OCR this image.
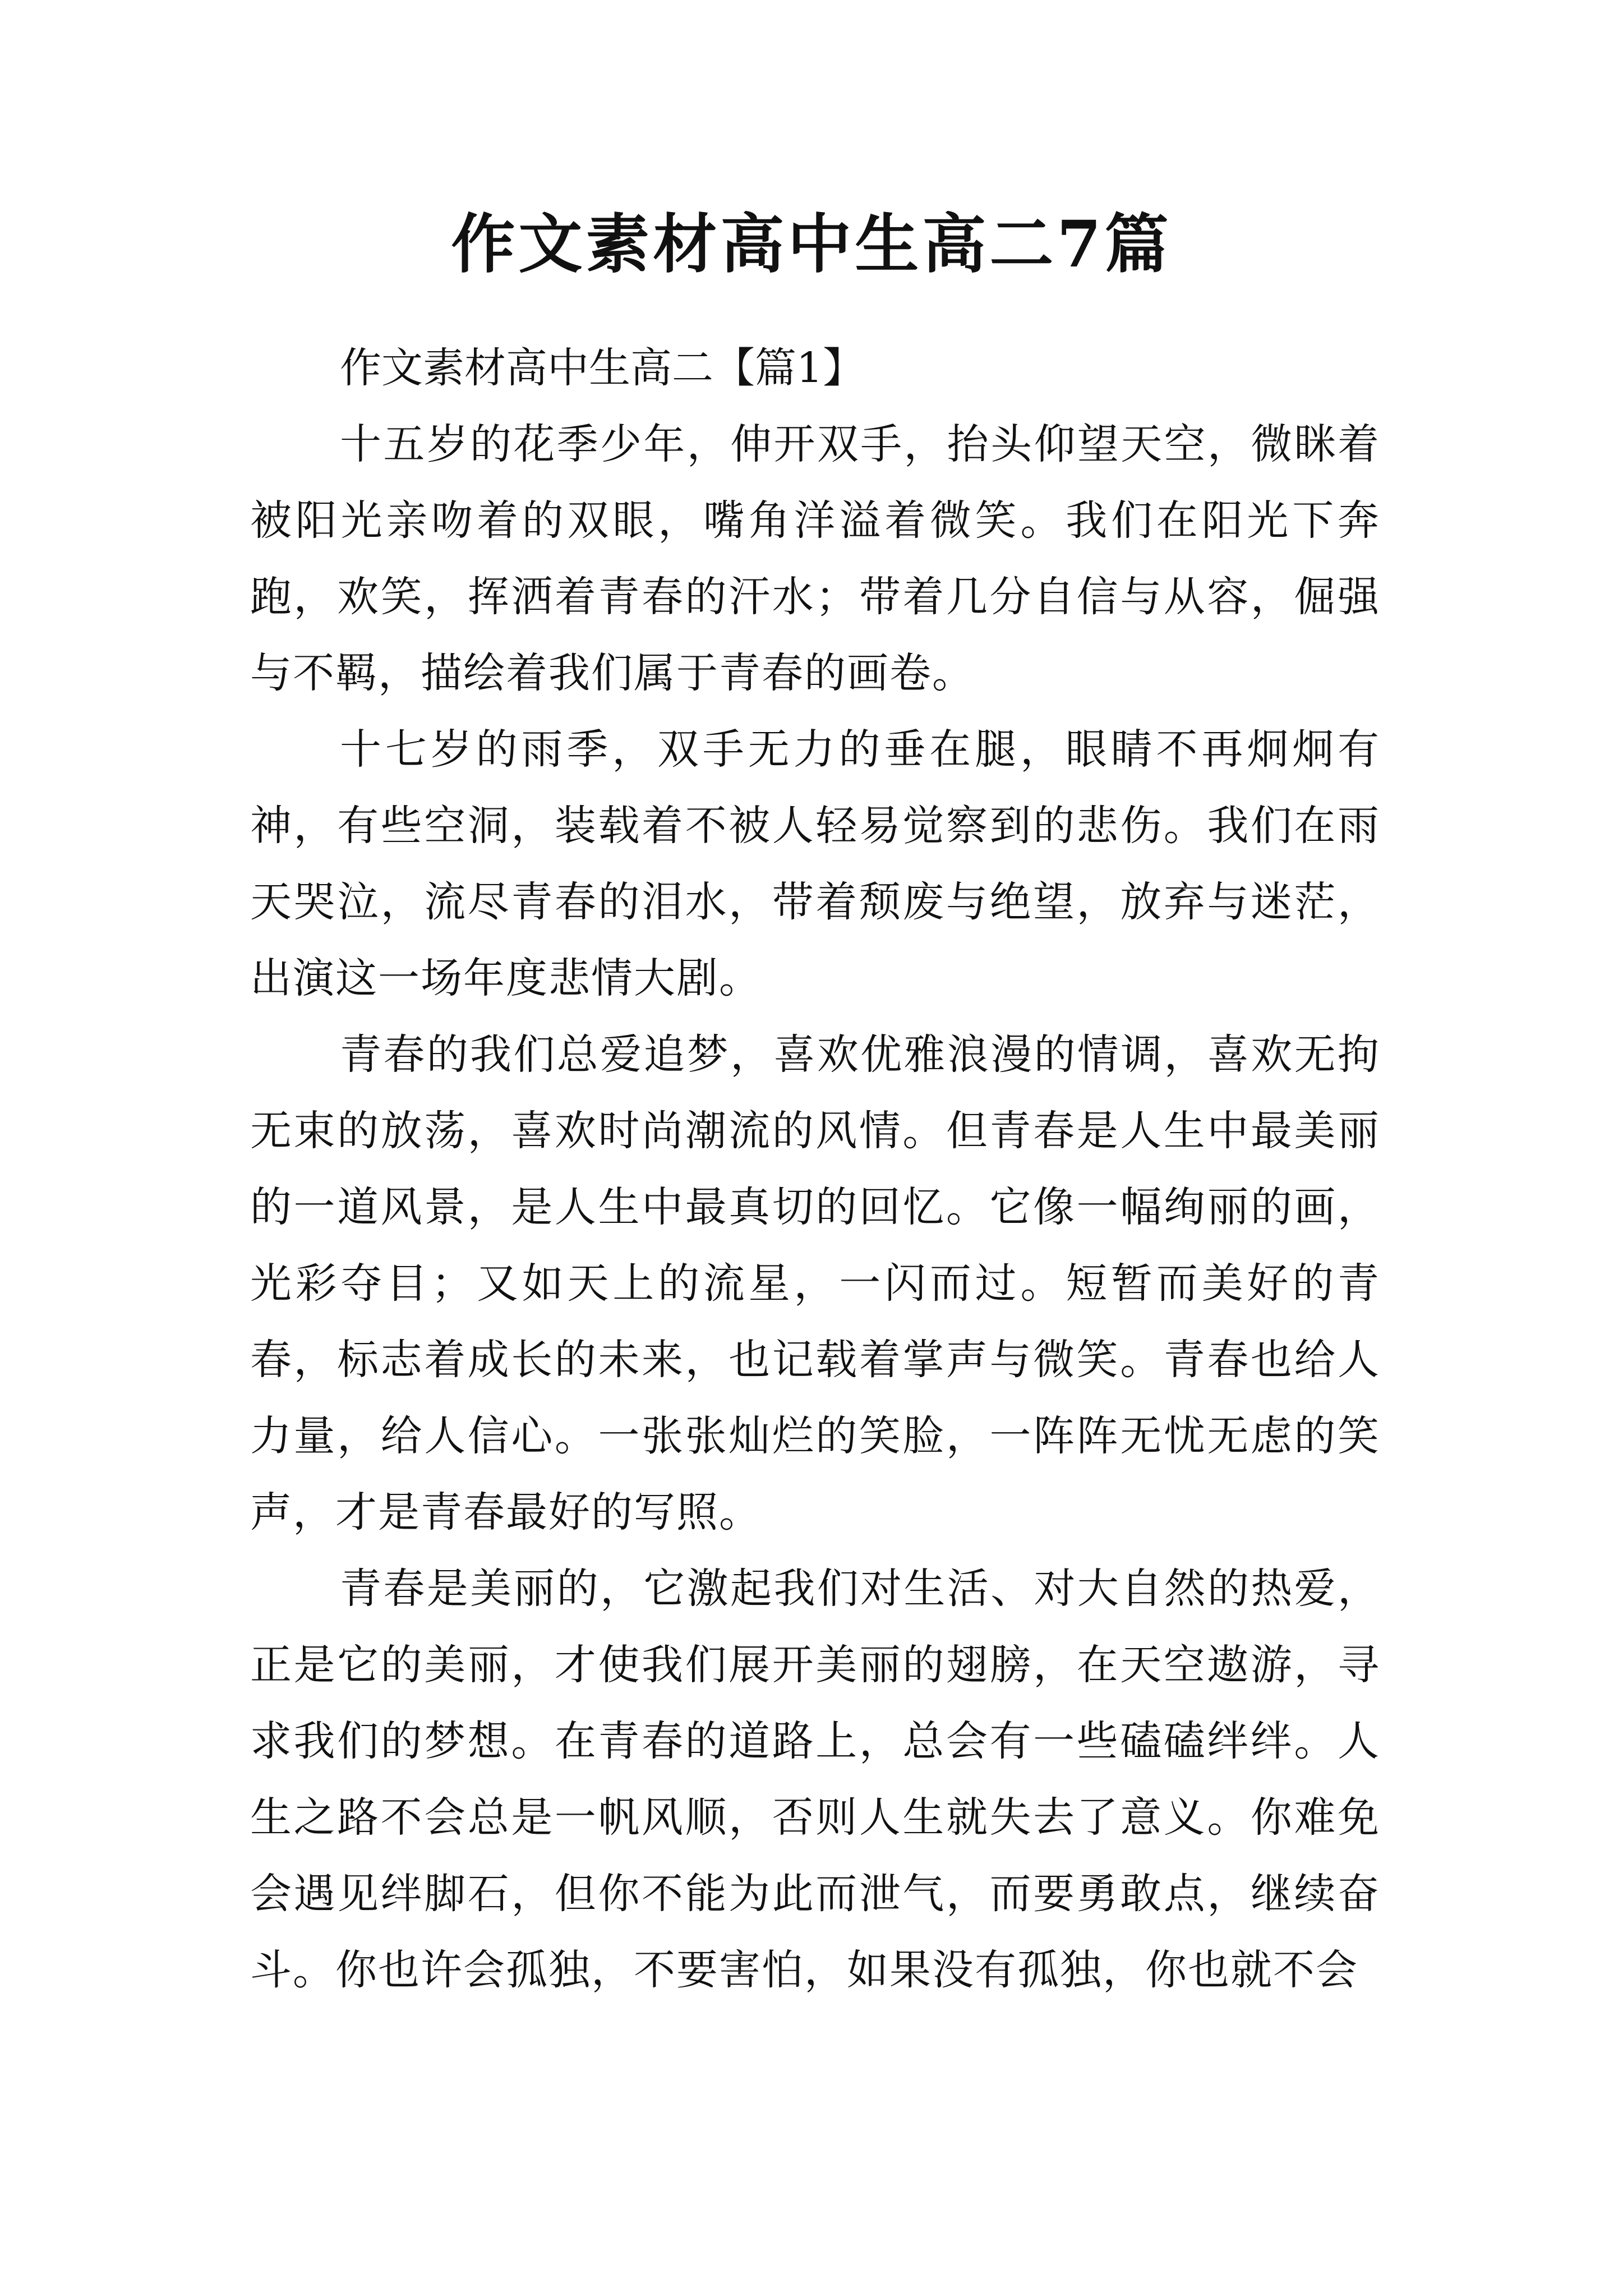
作文素材高中生高二7篇

作文素材高中生高二【篇1】

十五岁的花季少年，伸开双手，抬头仰望天空，微眯着被阳光亲吻着的双眼，嘴角洋溢着微笑。我们在阳光下奔跑，欢笑，挥洒着青春的汗水；带着几分自信与从容，倔强与不羁，描绘着我们属于青春的画卷。

十七岁的雨季，双手无力的垂在腿，眼睛不再炯炯有神，有些空洞，装载着不被人轻易觉察到的悲伤。我们在雨天哭泣，流尽青春的泪水，带着颓废与绝望，放弃与迷茫，出演这一场年度悲情大剧。

青春的我们总爱追梦，喜欢优雅浪漫的情调，喜欢无拘无束的放荡，喜欢时尚潮流的风情。但青春是人生中最美丽的一道风景，是人生中最真切的回忆。它像一幅绚丽的画，光彩夺目；又如天上的流星，一闪而过。短暂而美好的青春，标志着成长的未来，也记载着掌声与微笑。青春也给人力量，给人信心。一张张灿烂的笑脸，一阵阵无忧无虑的笑声，才是青春最好的写照。

青春是美丽的，它激起我们对生活、对大自然的热爱，正是它的美丽，才使我们展开美丽的翅膀，在天空遨游，寻求我们的梦想。在青春的道路上，总会有一些磕磕绊绊。人生之路不会总是一帆风顺，否则人生就失去了意义。你难免会遇见绊脚石，但你不能为此而泄气，而要勇敢点，继续奋斗。你也许会孤独，不要害怕，如果没有孤独，你也就不会
